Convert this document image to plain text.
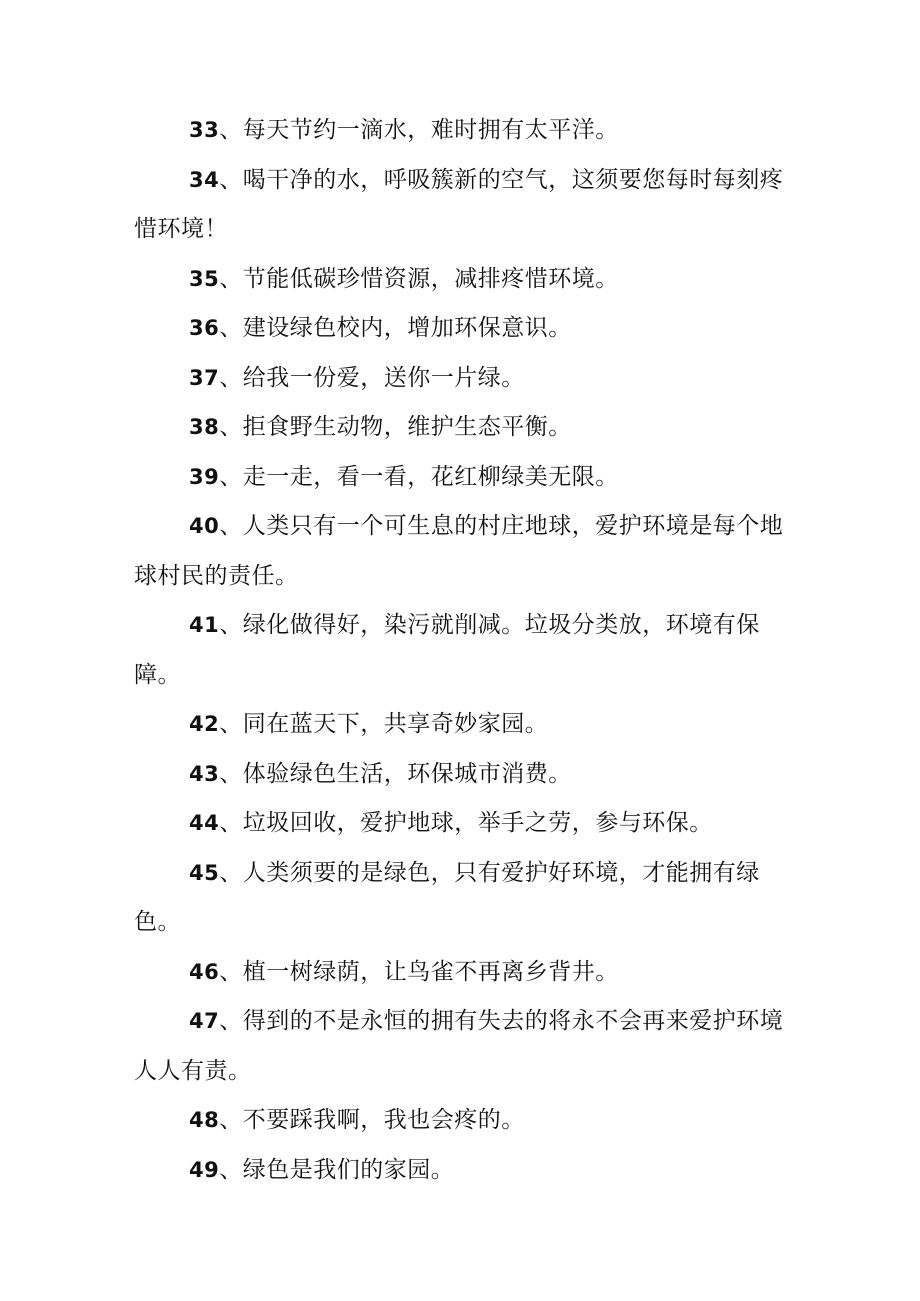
33、每天节约一滴水，难时拥有太平洋。

34、喝干净的水，呼吸簇新的空气，这须要您每时每刻疼惜环境！

35、节能低碳珍惜资源，减排疼惜环境。

36、建设绿色校内，增加环保意识。

37、给我一份爱，送你一片绿。

38、拒食野生动物，维护生态平衡。

39、走一走，看一看，花红柳绿美无限。

40、人类只有一个可生息的村庄地球，爱护环境是每个地球村民的责任。

41、绿化做得好，染污就削减。垃圾分类放，环境有保障。

42、同在蓝天下，共享奇妙家园。

43、体验绿色生活，环保城市消费。

44、垃圾回收，爱护地球，举手之劳，参与环保。

45、人类须要的是绿色，只有爱护好环境，才能拥有绿色。

46、植一树绿荫，让鸟雀不再离乡背井。

47、得到的不是永恒的拥有失去的将永不会再来爱护环境人人有责。

48、不要踩我啊，我也会疼的。

49、绿色是我们的家园。
